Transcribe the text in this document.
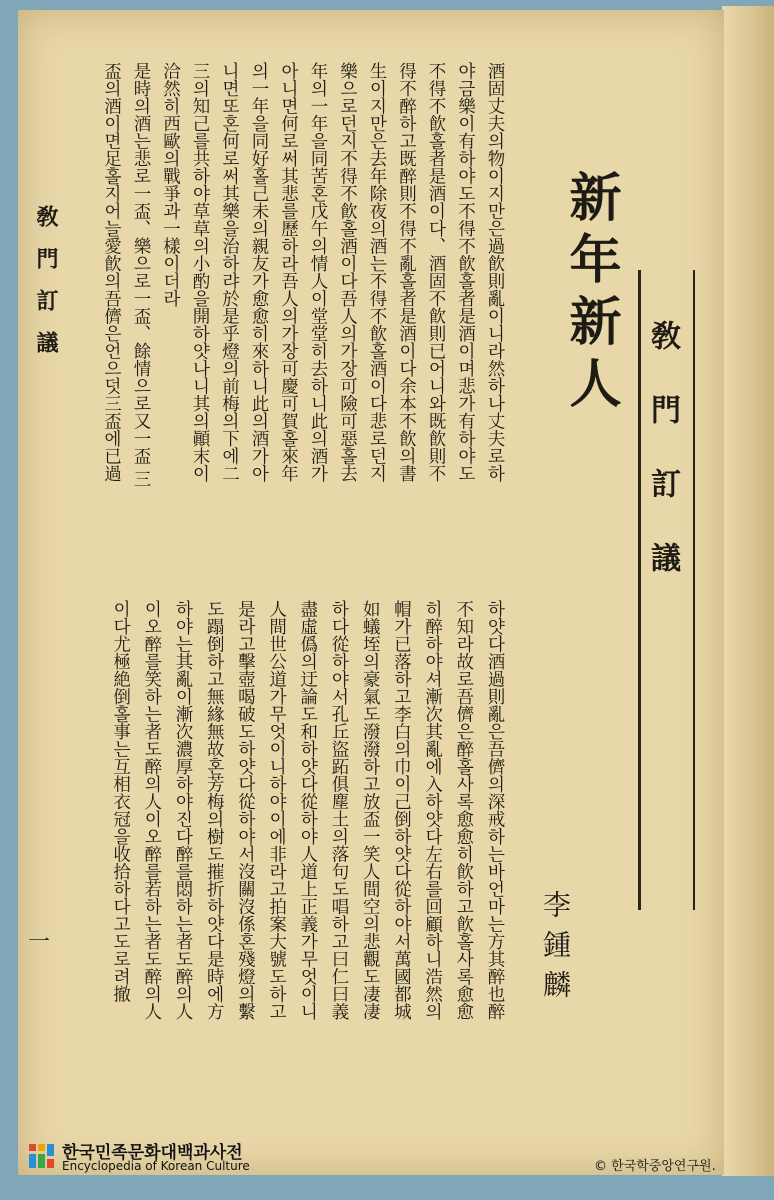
敎門訂議
新年新人
李鍾麟
酒固丈夫의物이지만은過飮則亂이니라然하나丈夫로하
야금樂이有하야도不得不飮홀者是酒이며悲가有하야도
不得不飮홀者是酒이다、酒固不飮則已어니와既飮則不
得不醉하고既醉則不得不亂홀者是酒이다余本不飮의書
生이지만은去年除夜의酒는不得不飮홀酒이다悲로던지
樂으로던지不得不飮홀酒이다吾人의가장可險可惡홀去
年의一年을同苦혼戊午의情人이堂堂히去하니此의酒가
아니면何로써其悲를歷하라吾人의가장可慶可賀홀來年
의一年을同好홀己未의親友가愈愈히來하니此의酒가아
니면또혼何로써其樂을治하랴於是乎燈의前梅의下에二
三의知己를共하야草草의小酌을開하얏나니其의顚末이
洽然히西歐의戰爭과一樣이더라
是時의酒는悲로一盃、樂으로一盃、餘情으로又一盃 三
盃의酒이면足홀지어늘愛飮의吾儕은언으덧三盃에已過
하얏다酒過則亂은吾儕의深戒하는바언마는方其醉也醉
不知라故로吾儕은醉홀사록愈愈히飮하고飮홀사록愈愈
히醉하야셔漸次其亂에入하얏다左右를回顧하니浩然의
帽가已落하고李白의巾이己倒하얏다從하야서萬國都城
如蟻垤의豪氣도潑潑하고放盃一笑人間空의悲觀도凄凄
하다從하야서孔丘盜跖俱塵土의落句도唱하고曰仁曰義
盡虛僞의迂論도和하얏다從하야人道上正義가무엇이니
人間世公道가무엇이니하야이에非라고拍案大號도하고
是라고擊壺喝破도하얏다從하야서沒關沒係혼殘燈의繫
도蹋倒하고無緣無故혼芳梅의樹도摧折하얏다是時에方
하야는其亂이漸次濃厚하야진다醉를悶하는者도醉의人
이오醉를笑하는者도醉의人이오醉를若하는者도醉의人
이다尤極絶倒홀事는互相衣冠을收拾하다고도로려撤
敎門訂議
一
한국민족문화대백과사전
Encyclopedia of Korean Culture	© 한국학중앙연구원.
